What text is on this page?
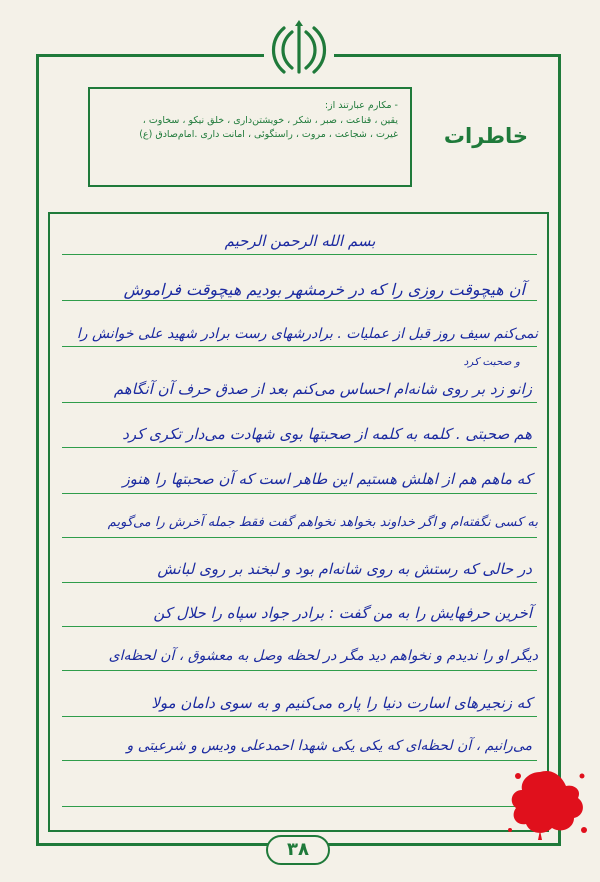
- مکارم عبارتند از:
یقین ، قناعت ، صبر ، شکر ، خویشتن‌داری ، خلق نیکو ، سخاوت ،
غیرت ، شجاعت ، مروت ، راستگوئی ، امانت داری .امام‌صادق (ع)	خاطرات
بسم الله الرحمن الرحیم
آن هیچوقت روزی را که در خرمشهر بودیم هیچوقت فراموش
نمی‌کنم سیف روز قبل از عملیات . برادرشهای رست برادر شهید علی خوانش را
و صحبت کرد
زانو زد بر روی شانه‌ام احساس می‌کنم بعد از صدق حرف آن آنگاهم
هم صحبتی . کلمه به کلمه از صحبتها بوی شهادت می‌دار تکری کرد
که ماهم هم از اهلش هستیم این طاهر است که آن صحبتها را هنوز
به کسی نگفته‌ام و اگر خداوند بخواهد نخواهم گفت فقط جمله آخرش را می‌گویم
در حالی که رستش به روی شانه‌ام بود و لبخند بر روی لبانش
آخرین حرفهایش را به من گفت : برادر جواد سپاه را حلال کن
دیگر او را ندیدم و نخواهم دید مگر در لحظه وصل به معشوق ، آن لحظه‌ای
که زنجیرهای اسارت دنیا را پاره می‌کنیم و به سوی دامان مولا
می‌رانیم ، آن لحظه‌ای که یکی یکی شهدا احمدعلی ودیس و شرعیتی و
۳۸
